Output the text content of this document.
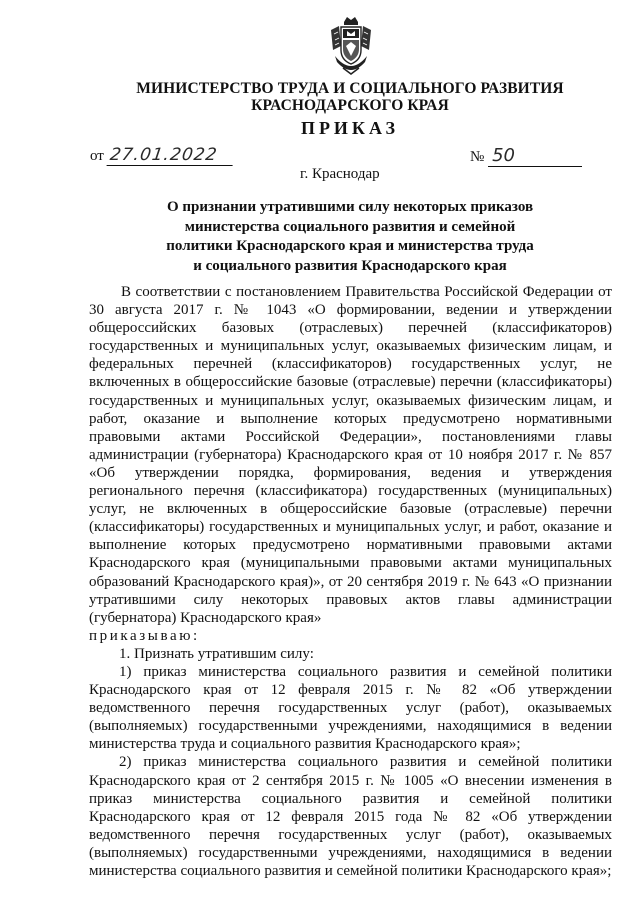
МИНИСТЕРСТВО ТРУДА И СОЦИАЛЬНОГО РАЗВИТИЯ
КРАСНОДАРСКОГО КРАЯ
ПРИКАЗ
от 27.01.2022	№ 50
г. Краснодар
О признании утратившими силу некоторых приказов
министерства социального развития и семейной
политики Краснодарского края и министерства труда
и социального развития Краснодарского края

В соответствии с постановлением Правительства Российской Федерации от 30 августа 2017 г. № 1043 «О формировании, ведении и утверждении общероссийских базовых (отраслевых) перечней (классификаторов) государственных и муниципальных услуг, оказываемых физическим лицам, и федеральных перечней (классификаторов) государственных услуг, не включенных в общероссийские базовые (отраслевые) перечни (классификаторы) государственных и муниципальных услуг, оказываемых физическим лицам, и работ, оказание и выполнение которых предусмотрено нормативными правовыми актами Российской Федерации», постановлениями главы администрации (губернатора) Краснодарского края от 10 ноября 2017 г. № 857 «Об утверждении порядка, формирования, ведения и утверждения регионального перечня (классификатора) государственных (муниципальных) услуг, не включенных в общероссийские базовые (отраслевые) перечни (классификаторы) государственных и муниципальных услуг, и работ, оказание и выполнение которых предусмотрено нормативными правовыми актами Краснодарского края (муниципальными правовыми актами муниципальных образований Краснодарского края)», от 20 сентября 2019 г. № 643 «О признании утратившими силу некоторых правовых актов главы администрации (губернатора) Краснодарского края»

приказываю:

1. Признать утратившим силу:

1) приказ министерства социального развития и семейной политики Краснодарского края от 12 февраля 2015 г. № 82 «Об утверждении ведомственного перечня государственных услуг (работ), оказываемых (выполняемых) государственными учреждениями, находящимися в ведении министерства труда и социального развития Краснодарского края»;

2) приказ министерства социального развития и семейной политики Краснодарского края от 2 сентября 2015 г. № 1005 «О внесении изменения в приказ министерства социального развития и семейной политики Краснодарского края от 12 февраля 2015 года № 82 «Об утверждении ведомственного перечня государственных услуг (работ), оказываемых (выполняемых) государственными учреждениями, находящимися в ведении министерства социального развития и семейной политики Краснодарского края»;
